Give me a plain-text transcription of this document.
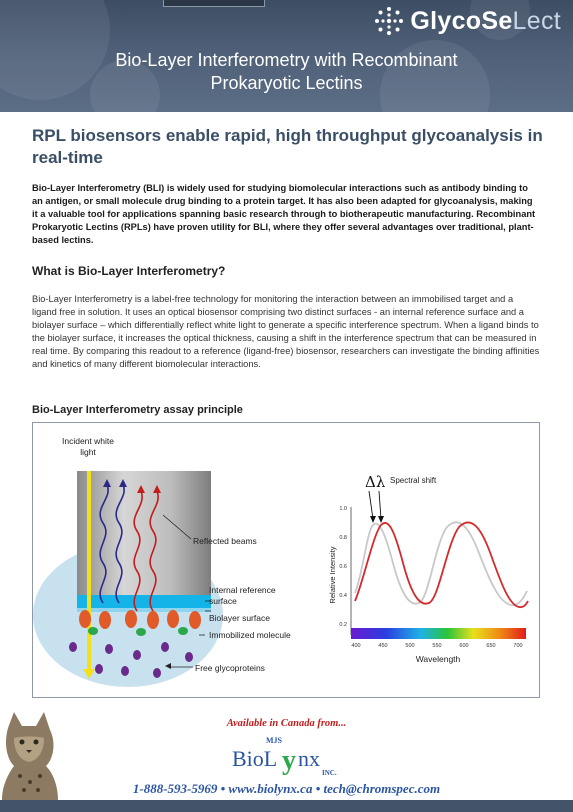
GlycoSeLect
Bio-Layer Interferometry with Recombinant
Prokaryotic Lectins
RPL biosensors enable rapid, high throughput glycoanalysis in real-time
Bio-Layer Interferometry (BLI) is widely used for studying biomolecular interactions such as antibody binding to an antigen, or small molecule drug binding to a protein target. It has also been adapted for glycoanalysis, making it a valuable tool for applications spanning basic research through to biotherapeutic manufacturing. Recombinant Prokaryotic Lectins (RPLs) have proven utility for BLI, where they offer several advantages over traditional, plant-based lectins.
What is Bio-Layer Interferometry?
Bio-Layer Interferometry is a label-free technology for monitoring the interaction between an immobilised target and a ligand free in solution. It uses an optical biosensor comprising two distinct surfaces - an internal reference surface and a biolayer surface – which differentially reflect white light to generate a specific interference spectrum. When a ligand binds to the biolayer surface, it increases the optical thickness, causing a shift in the interference spectrum that can be measured in real time. By comparing this readout to a reference (ligand-free) biosensor, researchers can investigate the binding affinities and kinetics of many different biomolecular interactions.
Bio-Layer Interferometry assay principle
Incident white
light
Reflected beams
Internal reference
surface
Biolayer surface
Immobilized molecule
Free glycoproteins
1.0
0.8
0.6
0.4
0.2
400	450	500	550	600	650	700
Relative Intensity
Wavelength
Δλ Spectral shift
Available in Canada from...
MJS
BioL y nx
INC.
1-888-593-5969 • www.biolynx.ca • tech@chromspec.com
